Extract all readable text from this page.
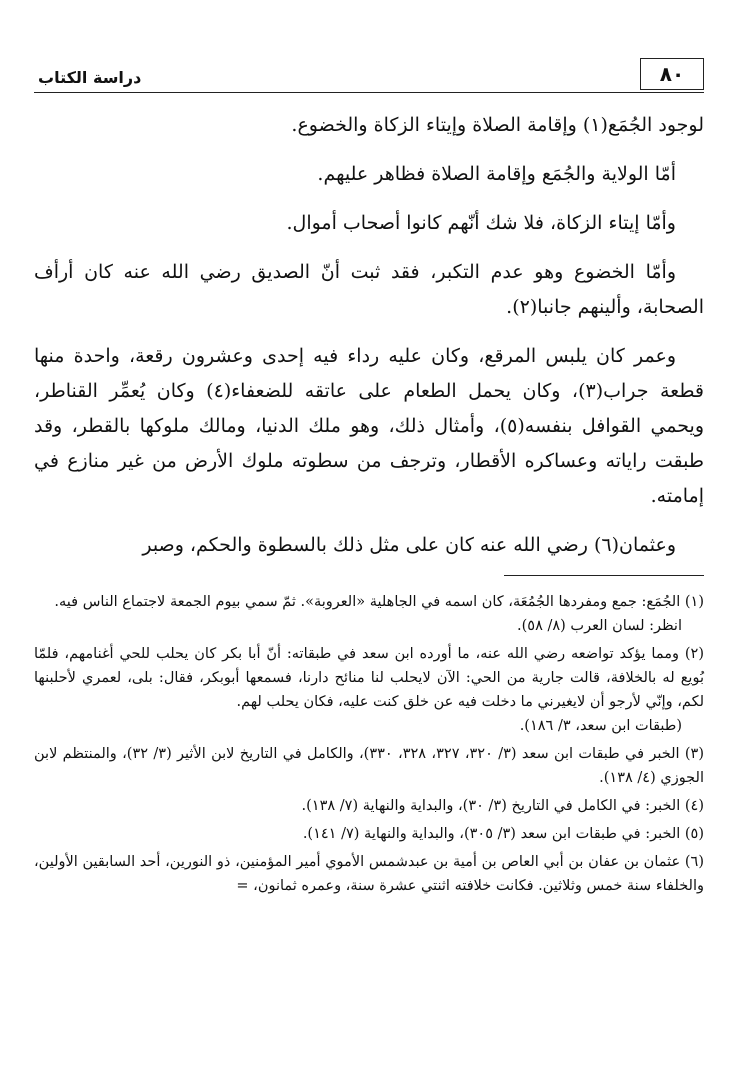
٨٠
دراسة الكتاب

لوجود الجُمَع(١) وإقامة الصلاة وإيتاء الزكاة والخضوع.

أمّا الولاية والجُمَع وإقامة الصلاة فظاهر عليهم.

وأمّا إيتاء الزكاة، فلا شك أنّهم كانوا أصحاب أموال.

وأمّا الخضوع وهو عدم التكبر، فقد ثبت أنّ الصديق رضي الله عنه كان أرأف الصحابة، وألينهم جانبا(٢).

وعمر كان يلبس المرقع، وكان عليه رداء فيه إحدى وعشرون رقعة، واحدة منها قطعة جراب(٣)، وكان يحمل الطعام على عاتقه للضعفاء(٤) وكان يُعمِّر القناطر، ويحمي القوافل بنفسه(٥)، وأمثال ذلك، وهو ملك الدنيا، ومالك ملوكها بالقطر، وقد طبقت راياته وعساكره الأقطار، وترجف من سطوته ملوك الأرض من غير منازع في إمامته.

وعثمان(٦) رضي الله عنه كان على مثل ذلك بالسطوة والحكم، وصبر

(١) الجُمَع: جمع ومفردها الجُمُعَة، كان اسمه في الجاهلية «العروبة». ثمّ سمي بيوم الجمعة لاجتماع الناس فيه.
انظر: لسان العرب (٨/ ٥٨).
(٢) ومما يؤكد تواضعه رضي الله عنه، ما أورده ابن سعد في طبقاته: أنّ أبا بكر كان يحلب للحي أغنامهم، فلمّا بُويع له بالخلافة، قالت جارية من الحي: الآن لايحلب لنا منائح دارنا، فسمعها أبوبكر، فقال: بلى، لعمري لأحلبنها لكم، وإنّي لأرجو أن لايغيرني ما دخلت فيه عن خلق كنت عليه، فكان يحلب لهم.
(طبقات ابن سعد، ٣/ ١٨٦).
(٣) الخبر في طبقات ابن سعد (٣/ ٣٢٠، ٣٢٧، ٣٢٨، ٣٣٠)، والكامل في التاريخ لابن الأثير (٣/ ٣٢)، والمنتظم لابن الجوزي (٤/ ١٣٨).
(٤) الخبر: في الكامل في التاريخ (٣/ ٣٠)، والبداية والنهاية (٧/ ١٣٨).
(٥) الخبر: في طبقات ابن سعد (٣/ ٣٠٥)، والبداية والنهاية (٧/ ١٤١).
(٦) عثمان بن عفان بن أبي العاص بن أمية بن عبدشمس الأموي أمير المؤمنين، ذو النورين، أحد السابقين الأولين، والخلفاء سنة خمس وثلاثين. فكانت خلافته اثنتي عشرة سنة، وعمره ثمانون، =
